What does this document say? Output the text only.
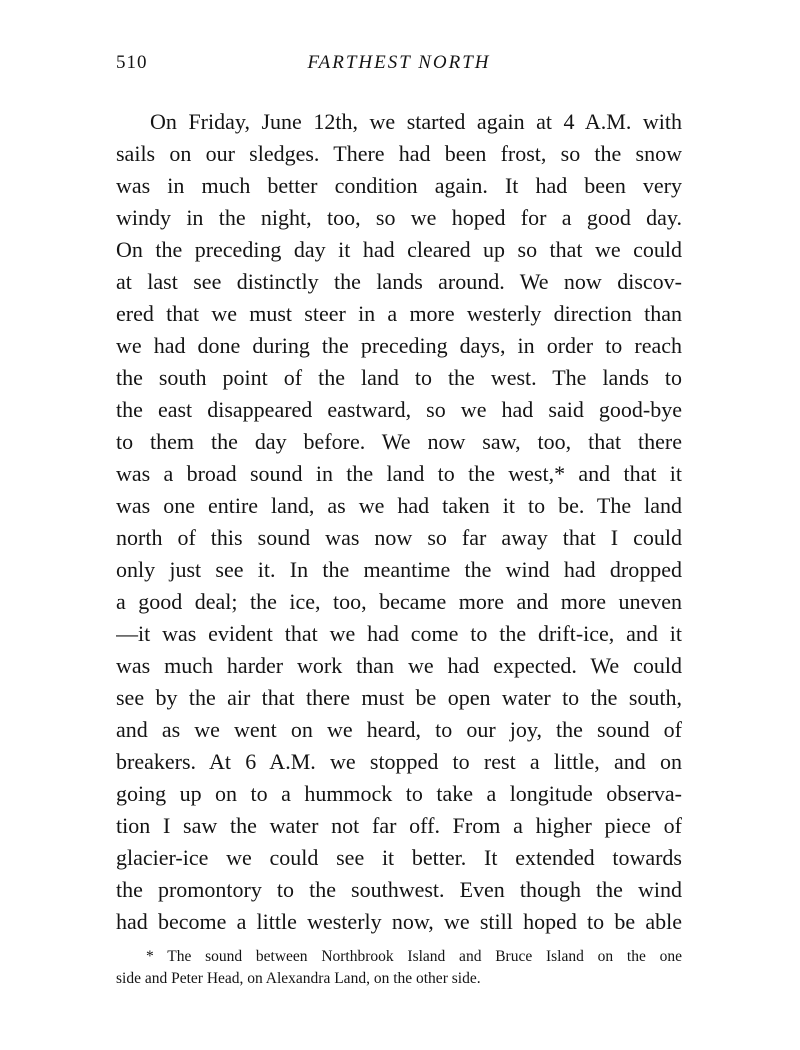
510	FARTHEST NORTH
On Friday, June 12th, we started again at 4 A.M. with
sails on our sledges. There had been frost, so the snow
was in much better condition again. It had been very
windy in the night, too, so we hoped for a good day.
On the preceding day it had cleared up so that we could
at last see distinctly the lands around. We now discov-
ered that we must steer in a more westerly direction than
we had done during the preceding days, in order to reach
the south point of the land to the west. The lands to
the east disappeared eastward, so we had said good-bye
to them the day before. We now saw, too, that there
was a broad sound in the land to the west,* and that it
was one entire land, as we had taken it to be. The land
north of this sound was now so far away that I could
only just see it. In the meantime the wind had dropped
a good deal; the ice, too, became more and more uneven
—it was evident that we had come to the drift-ice, and it
was much harder work than we had expected. We could
see by the air that there must be open water to the south,
and as we went on we heard, to our joy, the sound of
breakers. At 6 A.M. we stopped to rest a little, and on
going up on to a hummock to take a longitude observa-
tion I saw the water not far off. From a higher piece of
glacier-ice we could see it better. It extended towards
the promontory to the southwest. Even though the wind
had become a little westerly now, we still hoped to be able
* The sound between Northbrook Island and Bruce Island on the one
side and Peter Head, on Alexandra Land, on the other side.
